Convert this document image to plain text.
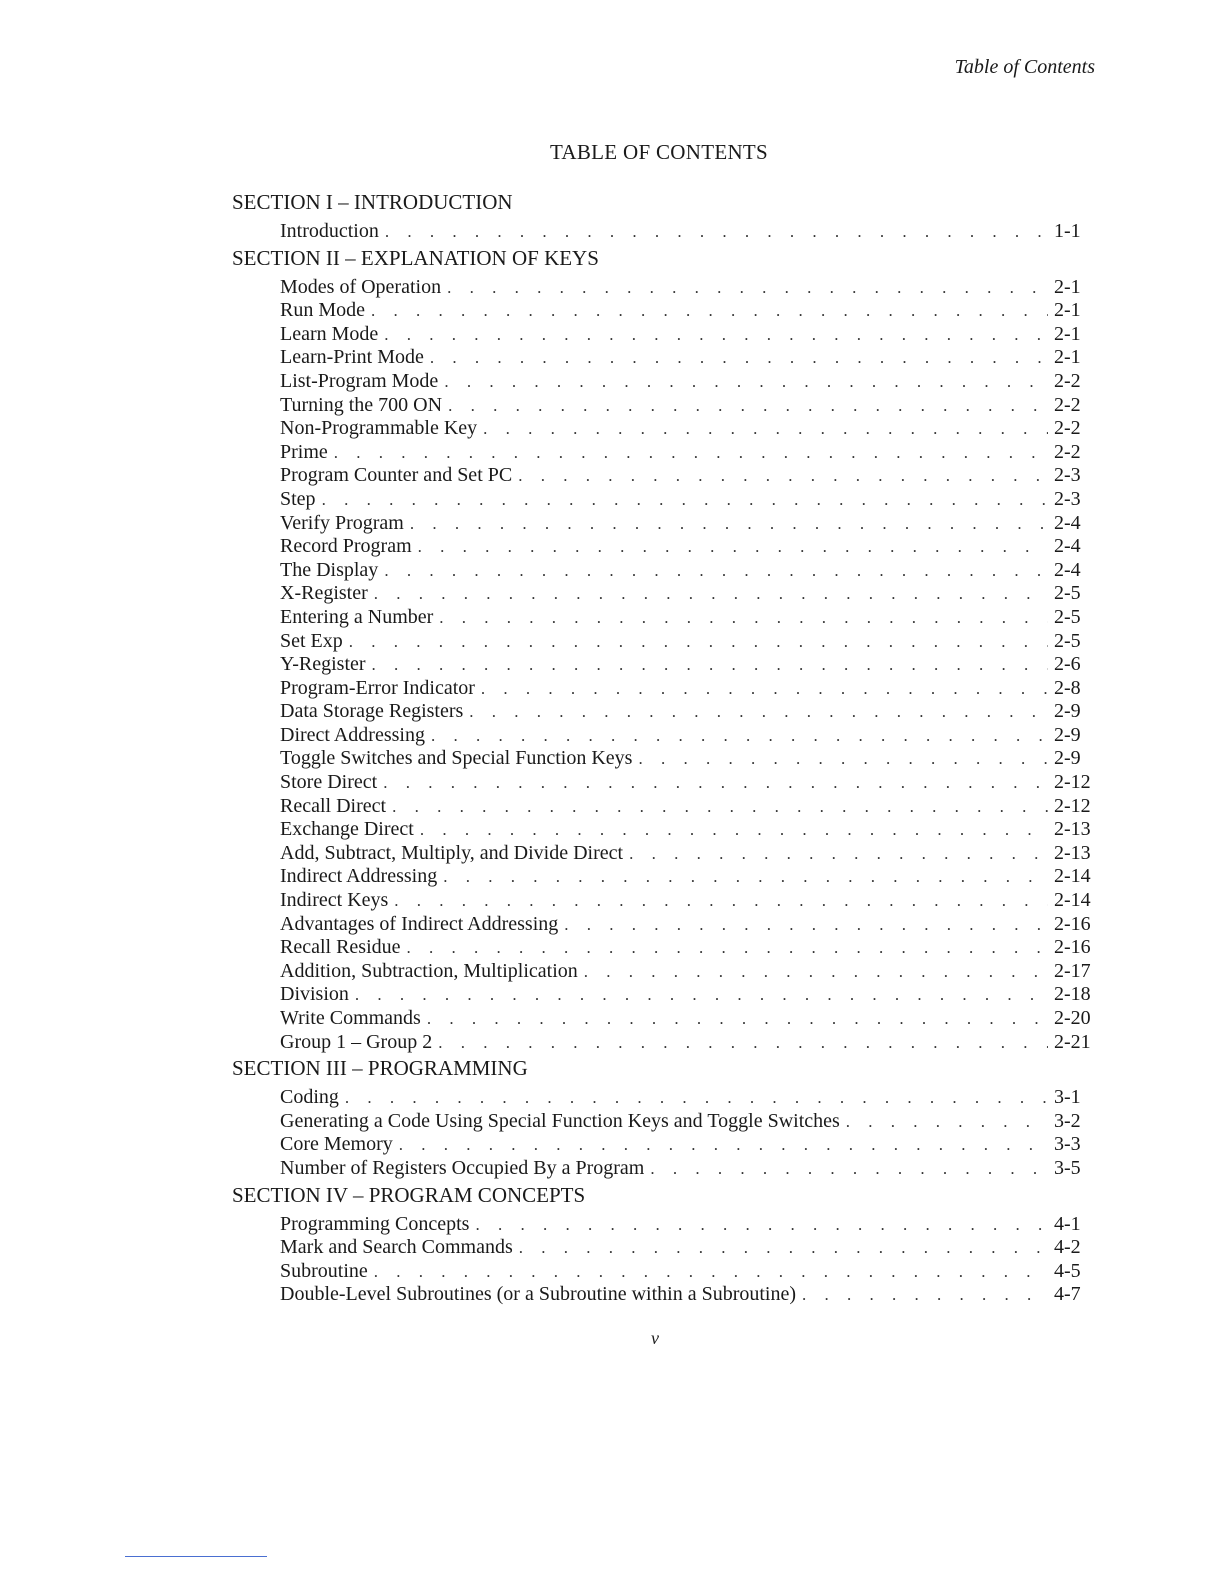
Table of Contents
TABLE OF CONTENTS
SECTION I – INTRODUCTION
Introduction . . .	1-1
SECTION II – EXPLANATION OF KEYS
Modes of Operation . . .	2-1
Run Mode . . .	2-1
Learn Mode . . .	2-1
Learn-Print Mode . . .	2-1
List-Program Mode . . .	2-2
Turning the 700 ON . . .	2-2
Non-Programmable Key . . .	2-2
Prime . . .	2-2
Program Counter and Set PC . . .	2-3
Step . . .	2-3
Verify Program . . .	2-4
Record Program . . .	2-4
The Display . . .	2-4
X-Register . . .	2-5
Entering a Number . . .	2-5
Set Exp . . .	2-5
Y-Register . . .	2-6
Program-Error Indicator . . .	2-8
Data Storage Registers . . .	2-9
Direct Addressing . . .	2-9
Toggle Switches and Special Function Keys . . .	2-9
Store Direct . . .	2-12
Recall Direct . . .	2-12
Exchange Direct . . .	2-13
Add, Subtract, Multiply, and Divide Direct . . .	2-13
Indirect Addressing . . .	2-14
Indirect Keys . . .	2-14
Advantages of Indirect Addressing . . .	2-16
Recall Residue . . .	2-16
Addition, Subtraction, Multiplication . . .	2-17
Division . . .	2-18
Write Commands . . .	2-20
Group 1 – Group 2 . . .	2-21
SECTION III – PROGRAMMING
Coding . . .	3-1
Generating a Code Using Special Function Keys and Toggle Switches . . .	3-2
Core Memory . . .	3-3
Number of Registers Occupied By a Program . . .	3-5
SECTION IV – PROGRAM CONCEPTS
Programming Concepts . . .	4-1
Mark and Search Commands . . .	4-2
Subroutine . . .	4-5
Double-Level Subroutines (or a Subroutine within a Subroutine) . . .	4-7
v
